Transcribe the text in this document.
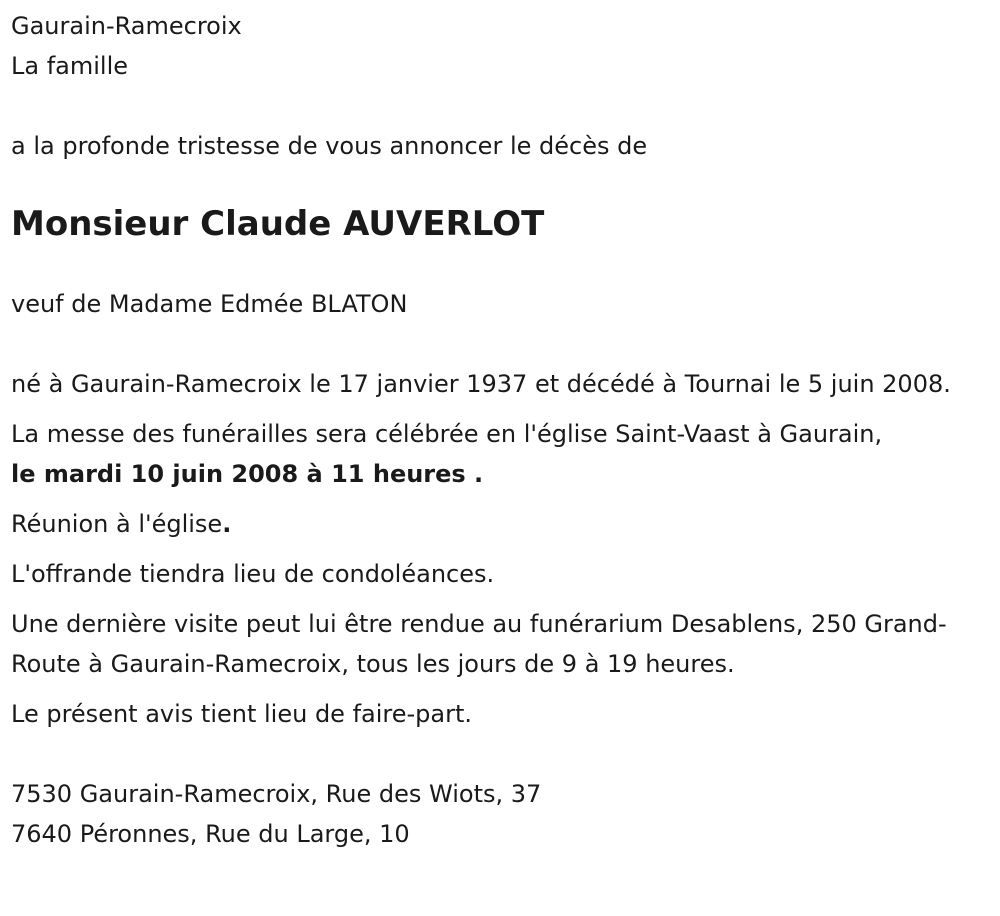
Gaurain-Ramecroix

La famille

a la profonde tristesse de vous annoncer le décès de

Monsieur Claude AUVERLOT

veuf de Madame Edmée BLATON

né à Gaurain-Ramecroix le 17 janvier 1937 et décédé à Tournai le 5 juin 2008.

La messe des funérailles sera célébrée en l'église Saint-Vaast à Gaurain,

le mardi 10 juin 2008 à 11 heures .

Réunion à l'église.

L'offrande tiendra lieu de condoléances.

Une dernière visite peut lui être rendue au funérarium Desablens, 250 Grand-Route à Gaurain-Ramecroix, tous les jours de 9 à 19 heures.

Le présent avis tient lieu de faire-part.

7530 Gaurain-Ramecroix, Rue des Wiots, 37

7640 Péronnes, Rue du Large, 10
